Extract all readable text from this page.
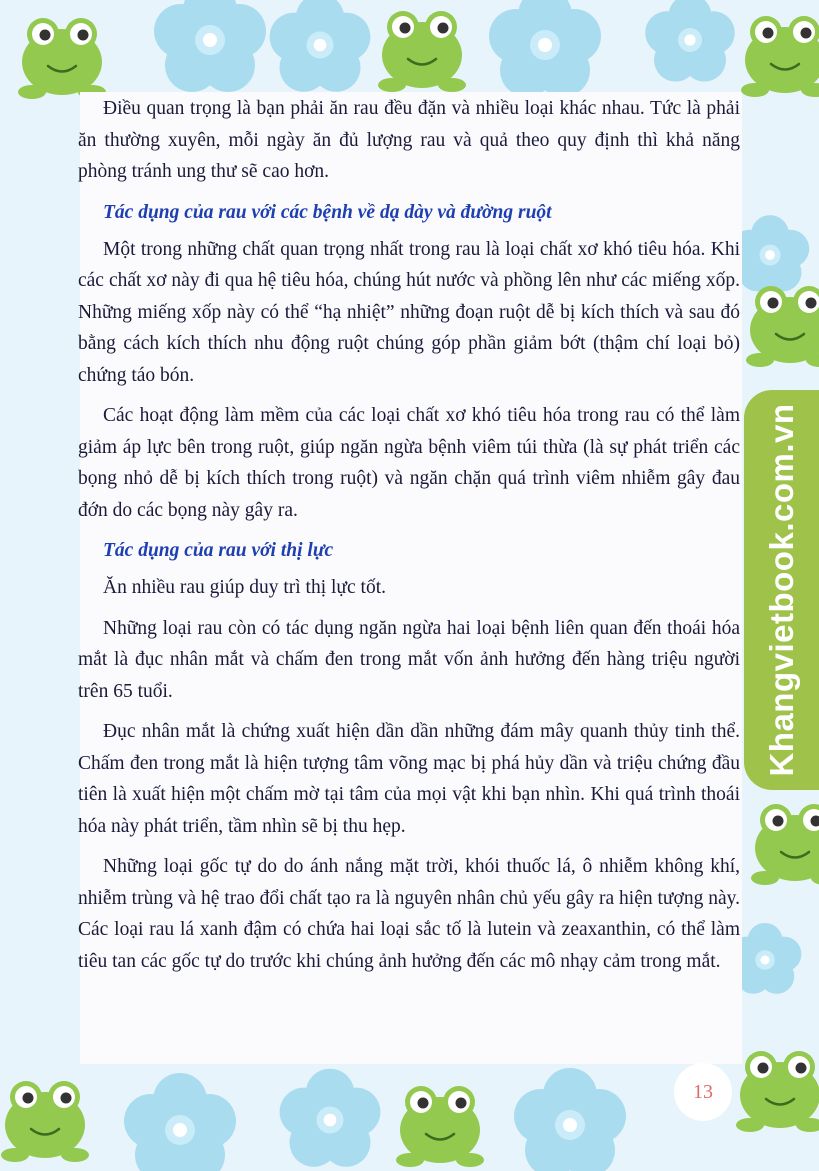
Điều quan trọng là bạn phải ăn rau đều đặn và nhiều loại khác nhau. Tức là phải ăn thường xuyên, mỗi ngày ăn đủ lượng rau và quả theo quy định thì khả năng phòng tránh ung thư sẽ cao hơn.

Tác dụng của rau với các bệnh về dạ dày và đường ruột

Một trong những chất quan trọng nhất trong rau là loại chất xơ khó tiêu hóa. Khi các chất xơ này đi qua hệ tiêu hóa, chúng hút nước và phồng lên như các miếng xốp. Những miếng xốp này có thể “hạ nhiệt” những đoạn ruột dễ bị kích thích và sau đó bằng cách kích thích nhu động ruột chúng góp phần giảm bớt (thậm chí loại bỏ) chứng táo bón.

Các hoạt động làm mềm của các loại chất xơ khó tiêu hóa trong rau có thể làm giảm áp lực bên trong ruột, giúp ngăn ngừa bệnh viêm túi thừa (là sự phát triển các bọng nhỏ dễ bị kích thích trong ruột) và ngăn chặn quá trình viêm nhiễm gây đau đớn do các bọng này gây ra.

Tác dụng của rau với thị lực

Ăn nhiều rau giúp duy trì thị lực tốt.

Những loại rau còn có tác dụng ngăn ngừa hai loại bệnh liên quan đến thoái hóa mắt là đục nhân mắt và chấm đen trong mắt vốn ảnh hưởng đến hàng triệu người trên 65 tuổi.

Đục nhân mắt là chứng xuất hiện dần dần những đám mây quanh thủy tinh thể. Chấm đen trong mắt là hiện tượng tâm võng mạc bị phá hủy dần và triệu chứng đầu tiên là xuất hiện một chấm mờ tại tâm của mọi vật khi bạn nhìn. Khi quá trình thoái hóa này phát triển, tầm nhìn sẽ bị thu hẹp.

Những loại gốc tự do do ánh nắng mặt trời, khói thuốc lá, ô nhiễm không khí, nhiễm trùng và hệ trao đổi chất tạo ra là nguyên nhân chủ yếu gây ra hiện tượng này. Các loại rau lá xanh đậm có chứa hai loại sắc tố là lutein và zeaxanthin, có thể làm tiêu tan các gốc tự do trước khi chúng ảnh hưởng đến các mô nhạy cảm trong mắt.

Khangvietbook.com.vn
13
